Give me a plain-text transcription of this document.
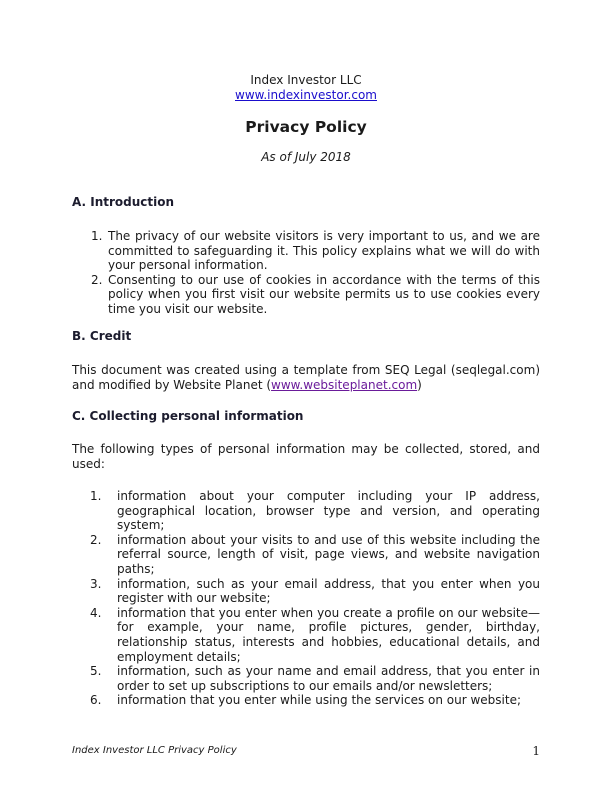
Index Investor LLC
www.indexinvestor.com
Privacy Policy
As of July 2018
A. Introduction
1. The privacy of our website visitors is very important to us, and we are committed to safeguarding it. This policy explains what we will do with your personal information.
2. Consenting to our use of cookies in accordance with the terms of this policy when you first visit our website permits us to use cookies every time you visit our website.
B. Credit
This document was created using a template from SEQ Legal (seqlegal.com) and modified by Website Planet (www.websiteplanet.com)
C. Collecting personal information
The following types of personal information may be collected, stored, and used:
1. information about your computer including your IP address, geographical location, browser type and version, and operating system;
2. information about your visits to and use of this website including the referral source, length of visit, page views, and website navigation paths;
3. information, such as your email address, that you enter when you register with our website;
4. information that you enter when you create a profile on our website—for example, your name, profile pictures, gender, birthday, relationship status, interests and hobbies, educational details, and employment details;
5. information, such as your name and email address, that you enter in order to set up subscriptions to our emails and/or newsletters;
6. information that you enter while using the services on our website;
Index Investor LLC Privacy Policy	1
